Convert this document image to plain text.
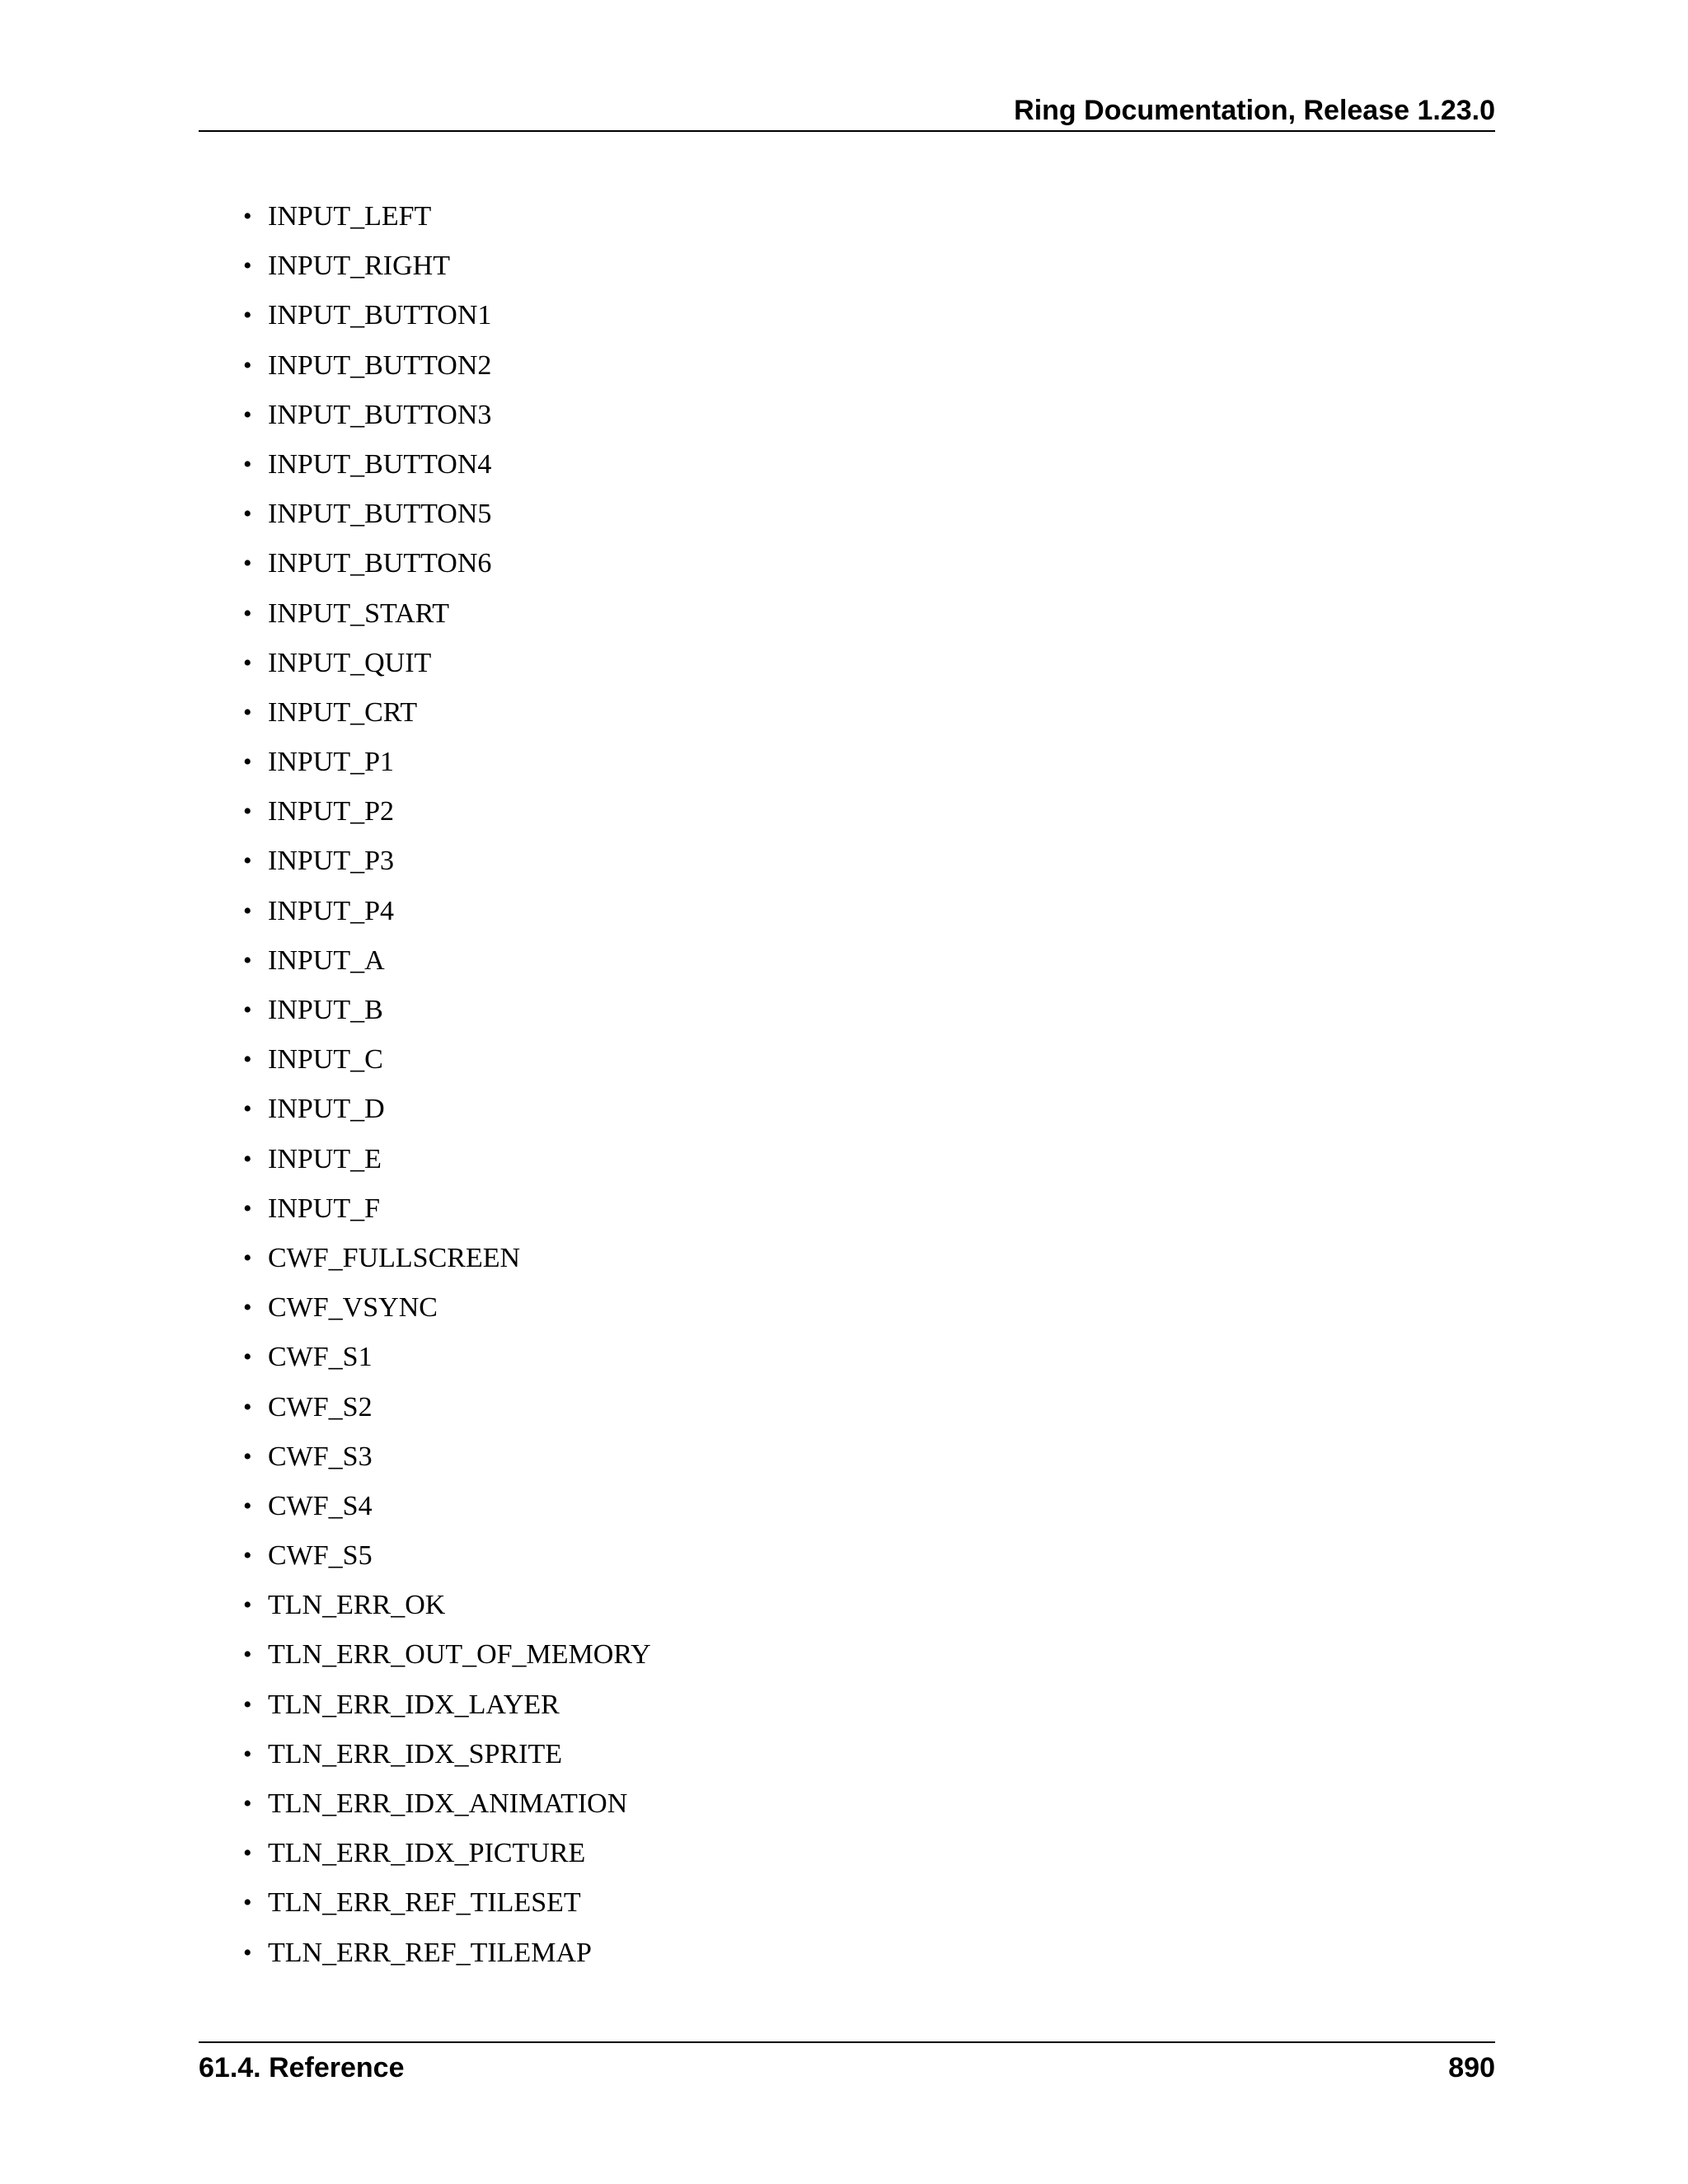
Ring Documentation, Release 1.23.0
• INPUT_LEFT
• INPUT_RIGHT
• INPUT_BUTTON1
• INPUT_BUTTON2
• INPUT_BUTTON3
• INPUT_BUTTON4
• INPUT_BUTTON5
• INPUT_BUTTON6
• INPUT_START
• INPUT_QUIT
• INPUT_CRT
• INPUT_P1
• INPUT_P2
• INPUT_P3
• INPUT_P4
• INPUT_A
• INPUT_B
• INPUT_C
• INPUT_D
• INPUT_E
• INPUT_F
• CWF_FULLSCREEN
• CWF_VSYNC
• CWF_S1
• CWF_S2
• CWF_S3
• CWF_S4
• CWF_S5
• TLN_ERR_OK
• TLN_ERR_OUT_OF_MEMORY
• TLN_ERR_IDX_LAYER
• TLN_ERR_IDX_SPRITE
• TLN_ERR_IDX_ANIMATION
• TLN_ERR_IDX_PICTURE
• TLN_ERR_REF_TILESET
• TLN_ERR_REF_TILEMAP
61.4. Reference	890
